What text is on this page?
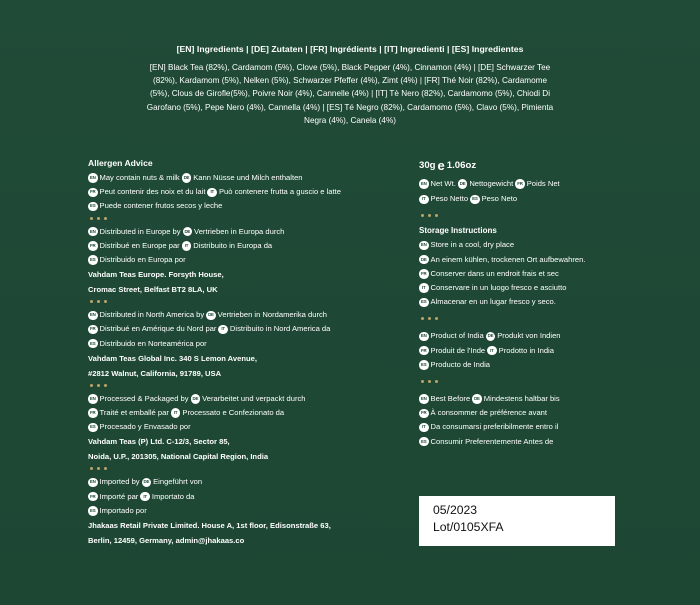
[EN] Ingredients | [DE] Zutaten | [FR] Ingrédients | [IT] Ingredienti | [ES] Ingredientes
[EN] Black Tea (82%), Cardamom (5%), Clove (5%), Black Pepper (4%), Cinnamon (4%) | [DE] Schwarzer Tee
(82%), Kardamom (5%), Nelken (5%), Schwarzer Pfeffer (4%), Zimt (4%) | [FR] Thé Noir (82%), Cardamome
(5%), Clous de Girofle(5%), Poivre Noir (4%), Cannelle (4%) | [IT] Tè Nero (82%), Cardamomo (5%), Chiodi Di
Garofano (5%), Pepe Nero (4%), Cannella (4%) | [ES] Té Negro (82%), Cardamomo (5%), Clavo (5%), Pimienta
Negra (4%), Canela (4%)
Allergen Advice
EN May contain nuts & milk DE Kann Nüsse und Milch enthalten
FR Peut contenir des noix et du lait	IT Può contenere frutta a guscio e latte
ES Puede contener frutos secos y leche
EN Distributed in Europe by DE Vertrieben in Europa durch
FR Distribué en Europe par	IT Distribuito in Europa da
ES Distribuido en Europa por
Vahdam Teas Europe. Forsyth House,
Cromac Street, Belfast BT2 8LA, UK
EN Distributed in North America by DE Vertrieben in Nordamerika durch
FR Distribué en Amérique du Nord par	IT Distribuito in Nord America da
ES Distribuido en Norteamérica por
Vahdam Teas Global Inc. 340 S Lemon Avenue,
#2812 Walnut, California, 91789, USA
EN Processed & Packaged by DE Verarbeitet und verpackt durch
FR Traité et emballé par	IT Processato e Confezionato da
ES Procesado y Envasado por
Vahdam Teas (P) Ltd. C-12/3, Sector 85,
Noida, U.P., 201305, National Capital Region, India
EN Imported by DE Eingeführt von
FR Importé par	IT Importato da
ES Importado por
Jhakaas Retail Private Limited. House A, 1st floor, Edisonstraße 63,
Berlin, 12459, Germany, admin@jhakaas.co
30g e 1.06oz
EN Net Wt. DE Nettogewicht FR Poids Net
IT Peso Netto ES Peso Neto
Storage Instructions
EN Store in a cool, dry place
DE An einem kühlen, trockenen Ort aufbewahren.
FR Conserver dans un endroit frais et sec
IT Conservare in un luogo fresco e asciutto
ES Almacenar en un lugar fresco y seco.
EN Product of India DE Produkt von Indien
FR Produit de l'Inde	IT Prodotto in India
ES Producto de India
EN Best Before DE Mindestens haltbar bis
FR À consommer de préférence avant
IT Da consumarsi preferibilmente entro il
ES Consumir Preferentemente Antes de
05/2023
Lot/0105XFA
